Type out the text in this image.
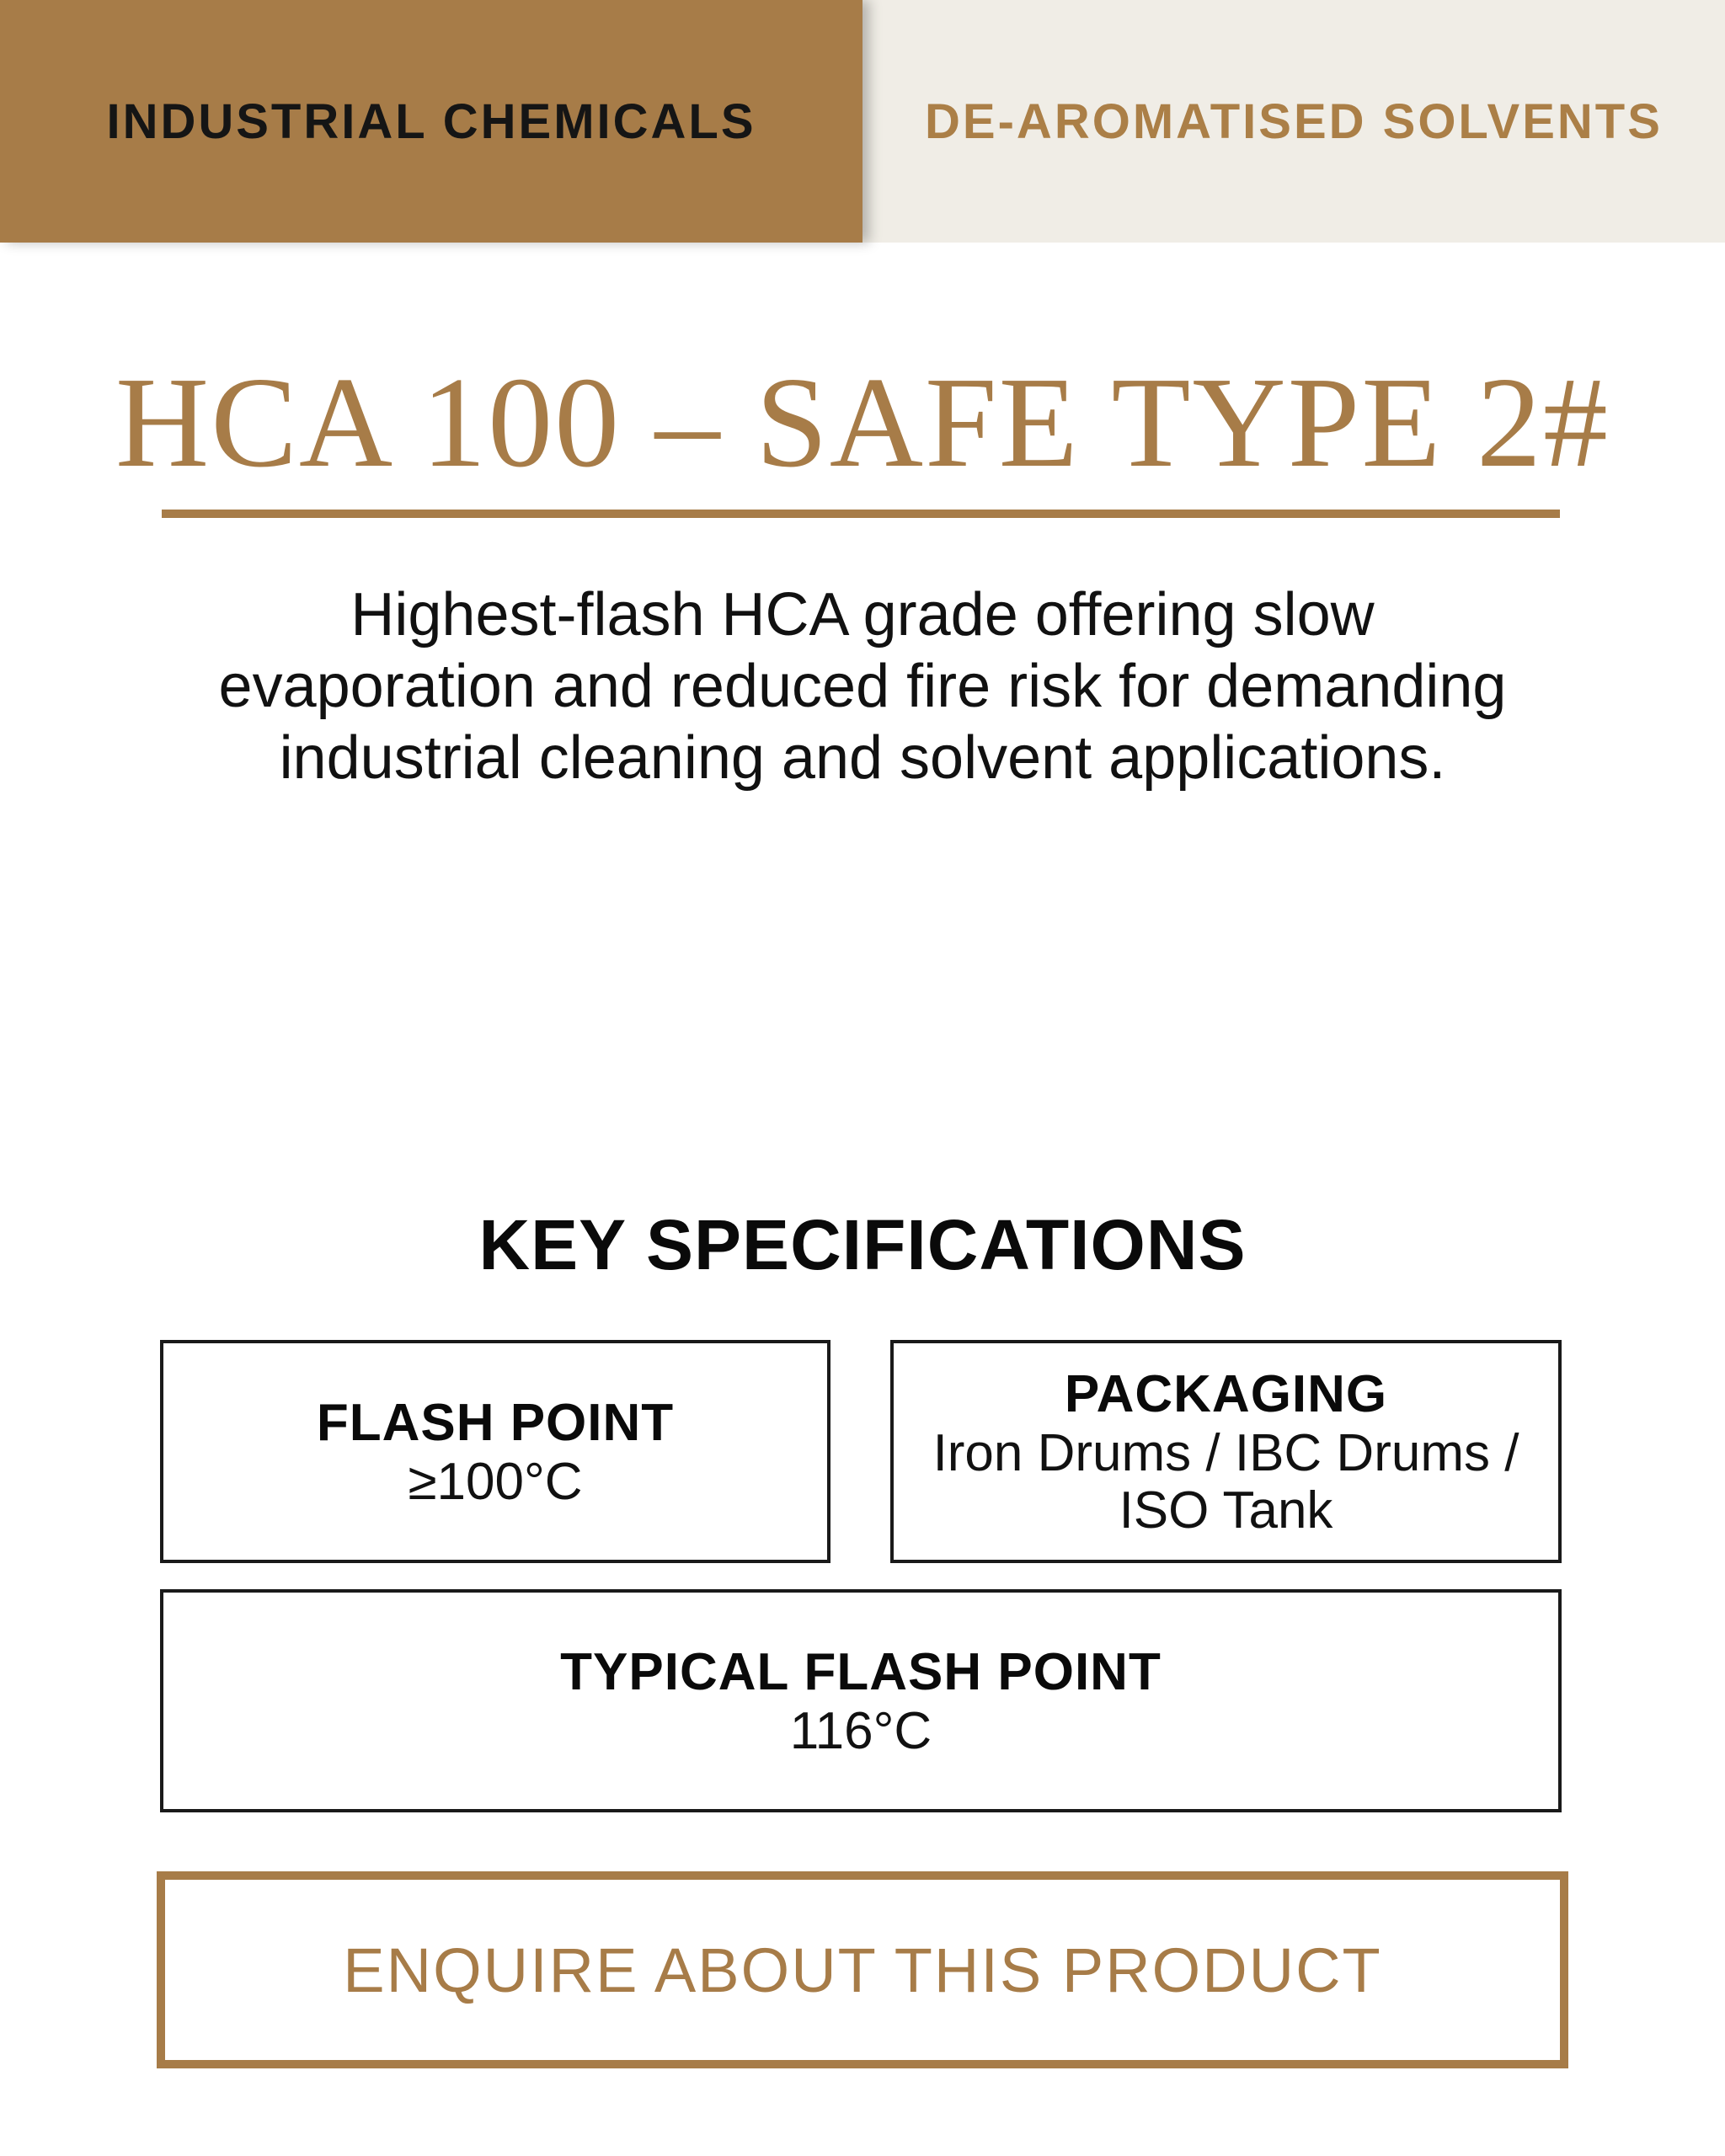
INDUSTRIAL CHEMICALS	DE-AROMATISED SOLVENTS
HCA 100 – SAFE TYPE 2#

Highest-flash HCA grade offering slow evaporation and reduced fire risk for demanding industrial cleaning and solvent applications.

KEY SPECIFICATIONS
FLASH POINT
≥100°C
PACKAGING
Iron Drums / IBC Drums / ISO Tank
TYPICAL FLASH POINT
116°C
ENQUIRE ABOUT THIS PRODUCT
